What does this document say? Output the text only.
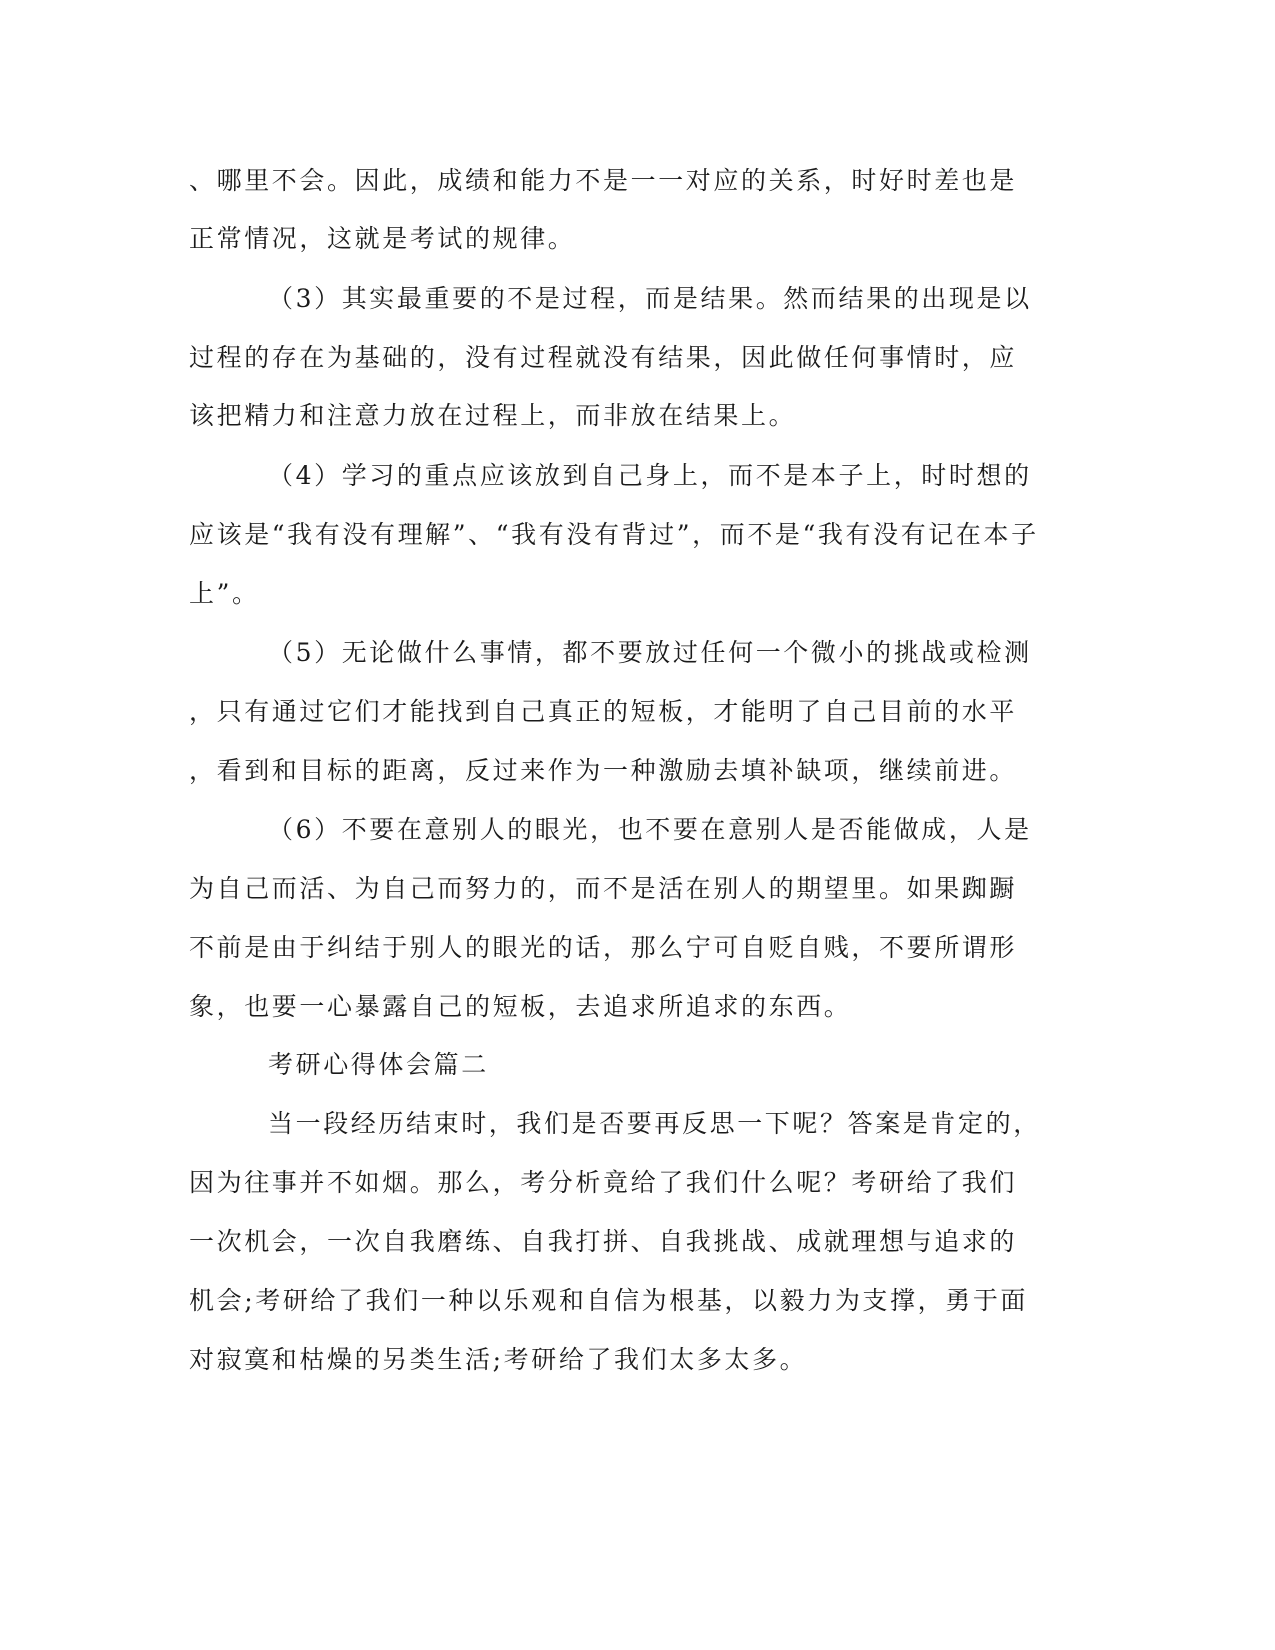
、哪里不会。因此，成绩和能力不是一一对应的关系，时好时差也是
正常情况，这就是考试的规律。
（3）其实最重要的不是过程，而是结果。然而结果的出现是以
过程的存在为基础的，没有过程就没有结果，因此做任何事情时，应
该把精力和注意力放在过程上，而非放在结果上。
（4）学习的重点应该放到自己身上，而不是本子上，时时想的
应该是“我有没有理解”、“我有没有背过”，而不是“我有没有记在本子
上”。
（5）无论做什么事情，都不要放过任何一个微小的挑战或检测
，只有通过它们才能找到自己真正的短板，才能明了自己目前的水平
，看到和目标的距离，反过来作为一种激励去填补缺项，继续前进。
（6）不要在意别人的眼光，也不要在意别人是否能做成，人是
为自己而活、为自己而努力的，而不是活在别人的期望里。如果踟蹰
不前是由于纠结于别人的眼光的话，那么宁可自贬自贱，不要所谓形
象，也要一心暴露自己的短板，去追求所追求的东西。
考研心得体会篇二
当一段经历结束时，我们是否要再反思一下呢？答案是肯定的，
因为往事并不如烟。那么，考分析竟给了我们什么呢？考研给了我们
一次机会，一次自我磨练、自我打拼、自我挑战、成就理想与追求的
机会;考研给了我们一种以乐观和自信为根基，以毅力为支撑，勇于面
对寂寞和枯燥的另类生活;考研给了我们太多太多。
